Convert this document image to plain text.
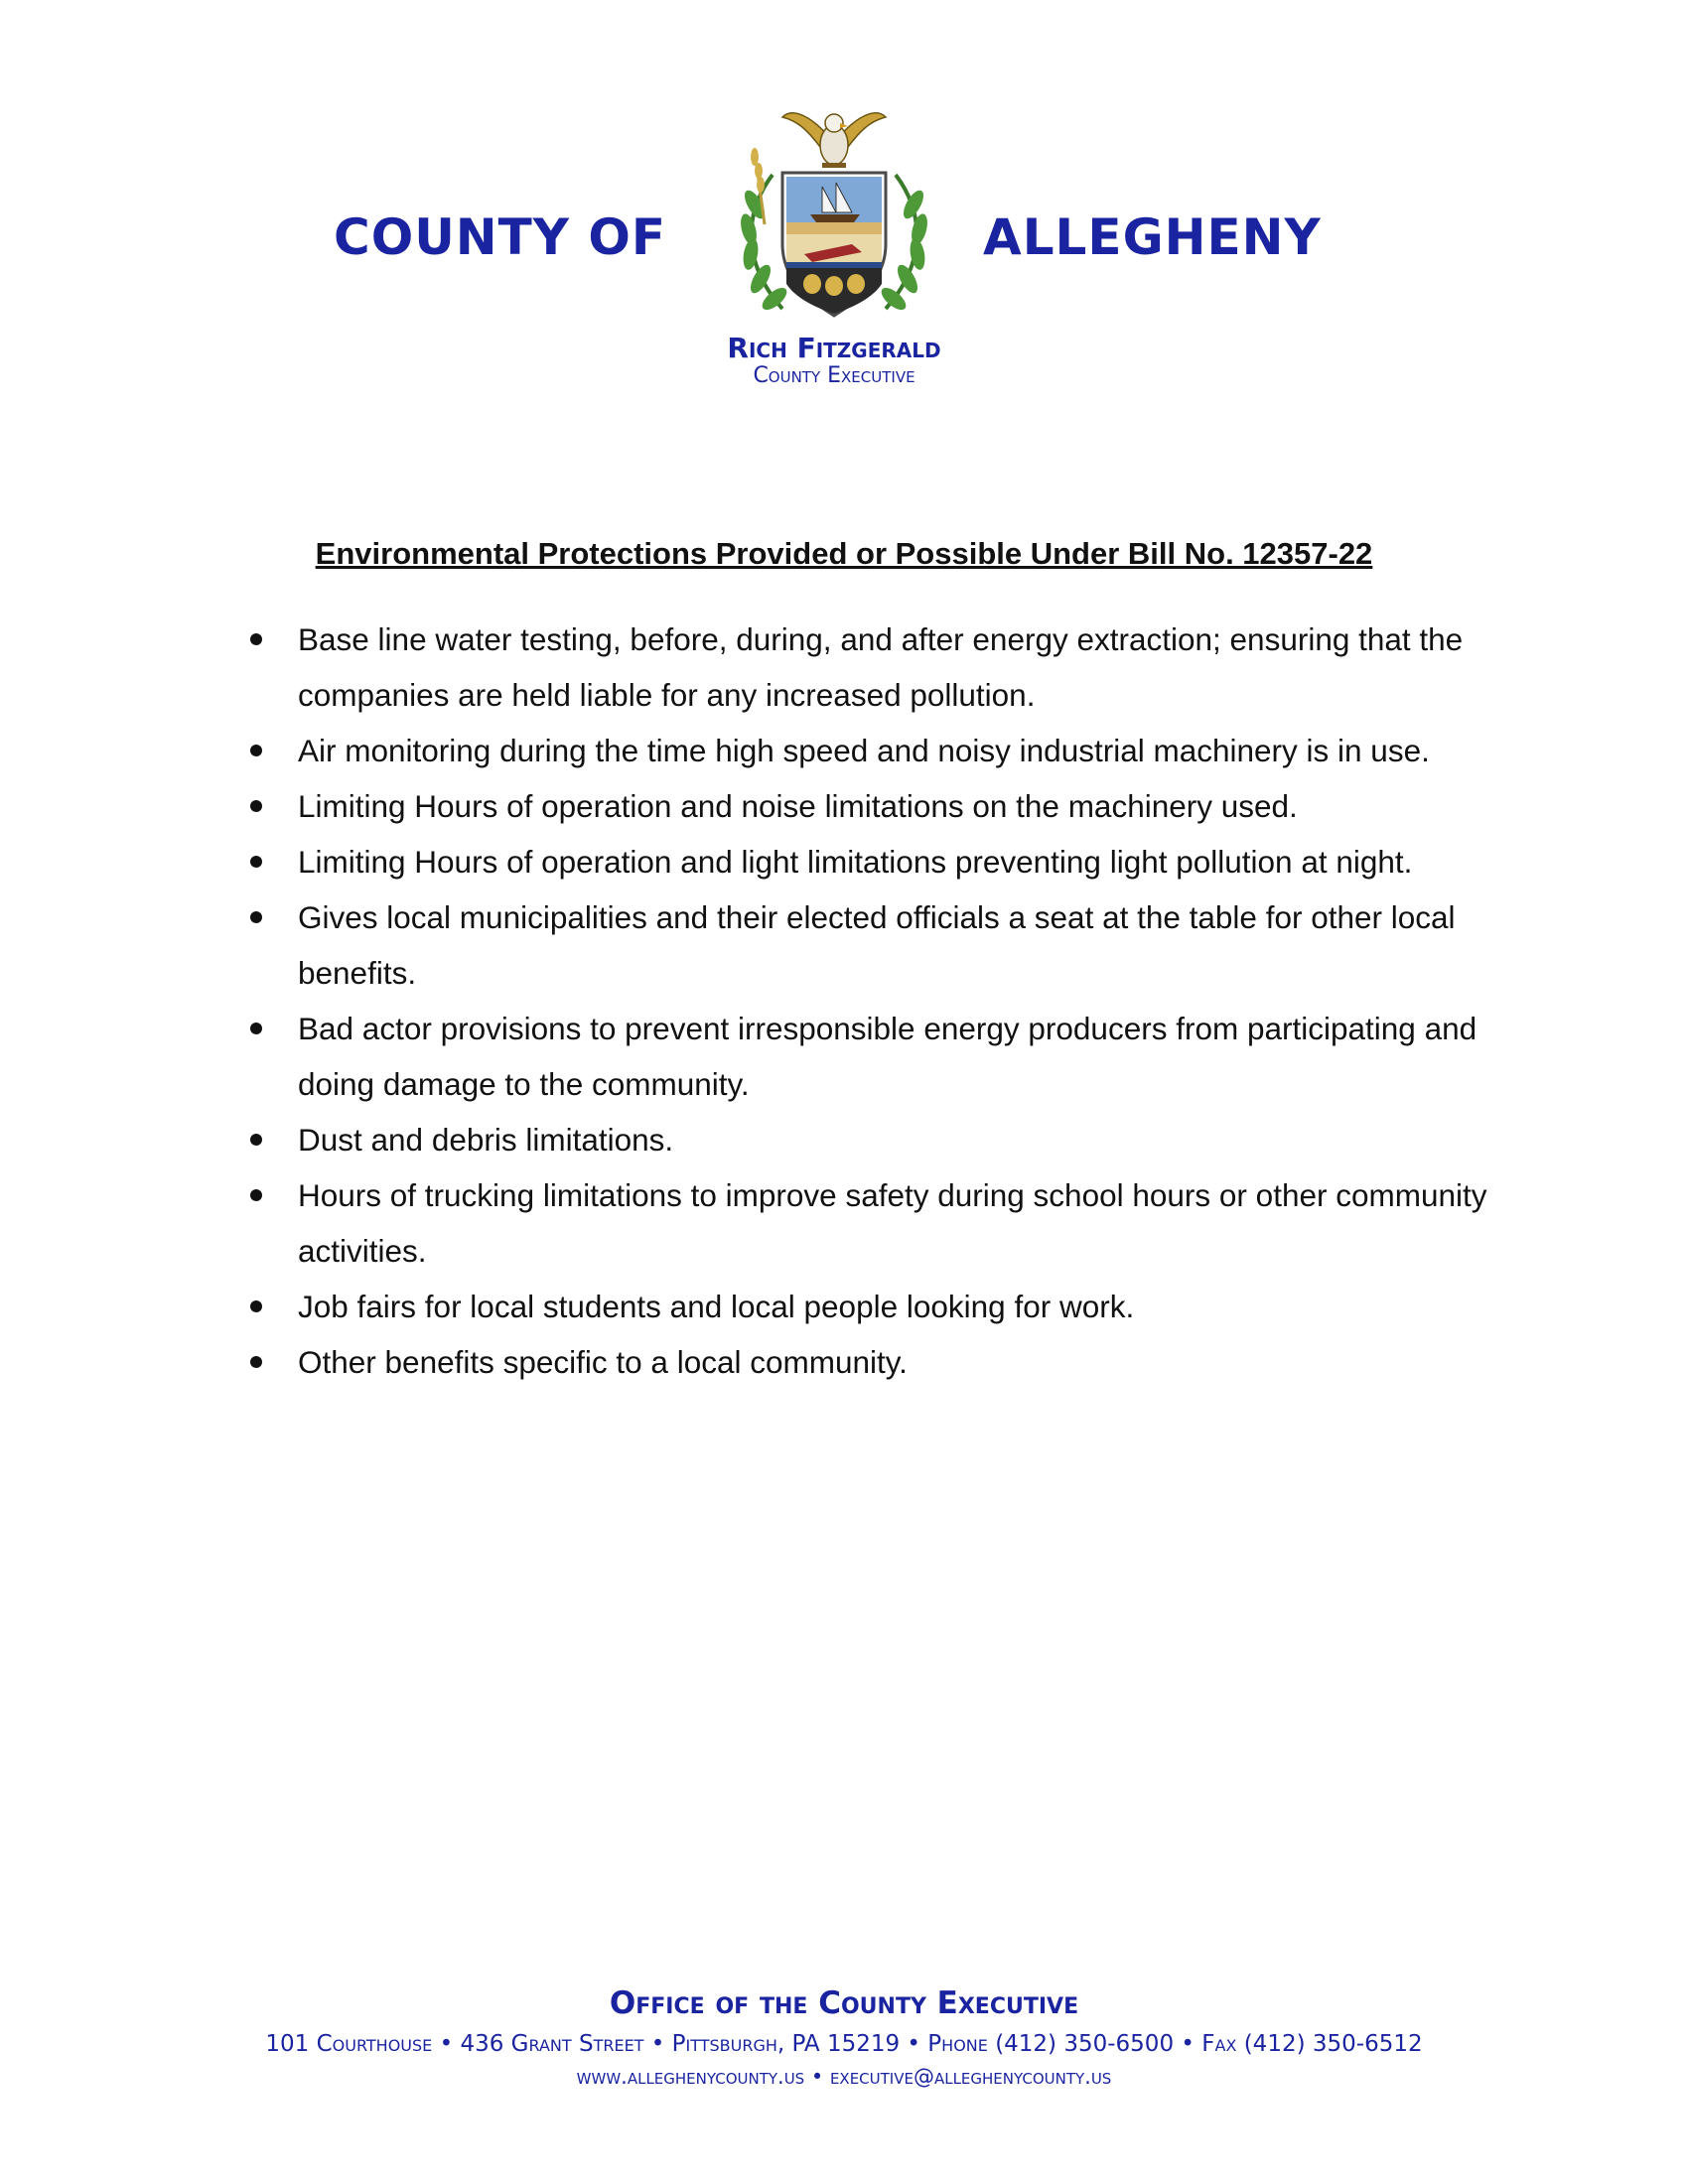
COUNTY OF	ALLEGHENY
Rich Fitzgerald
County Executive
Environmental Protections Provided or Possible Under Bill No. 12357-22
Base line water testing, before, during, and after energy extraction; ensuring that the companies are held liable for any increased pollution.
Air monitoring during the time high speed and noisy industrial machinery is in use.
Limiting Hours of operation and noise limitations on the machinery used.
Limiting Hours of operation and light limitations preventing light pollution at night.
Gives local municipalities and their elected officials a seat at the table for other local benefits.
Bad actor provisions to prevent irresponsible energy producers from participating and doing damage to the community.
Dust and debris limitations.
Hours of trucking limitations to improve safety during school hours or other community activities.
Job fairs for local students and local people looking for work.
Other benefits specific to a local community.
Office of the County Executive
101 Courthouse • 436 Grant Street • Pittsburgh, PA 15219 • Phone (412) 350-6500 • Fax (412) 350-6512
www.alleghenycounty.us • executive@alleghenycounty.us
